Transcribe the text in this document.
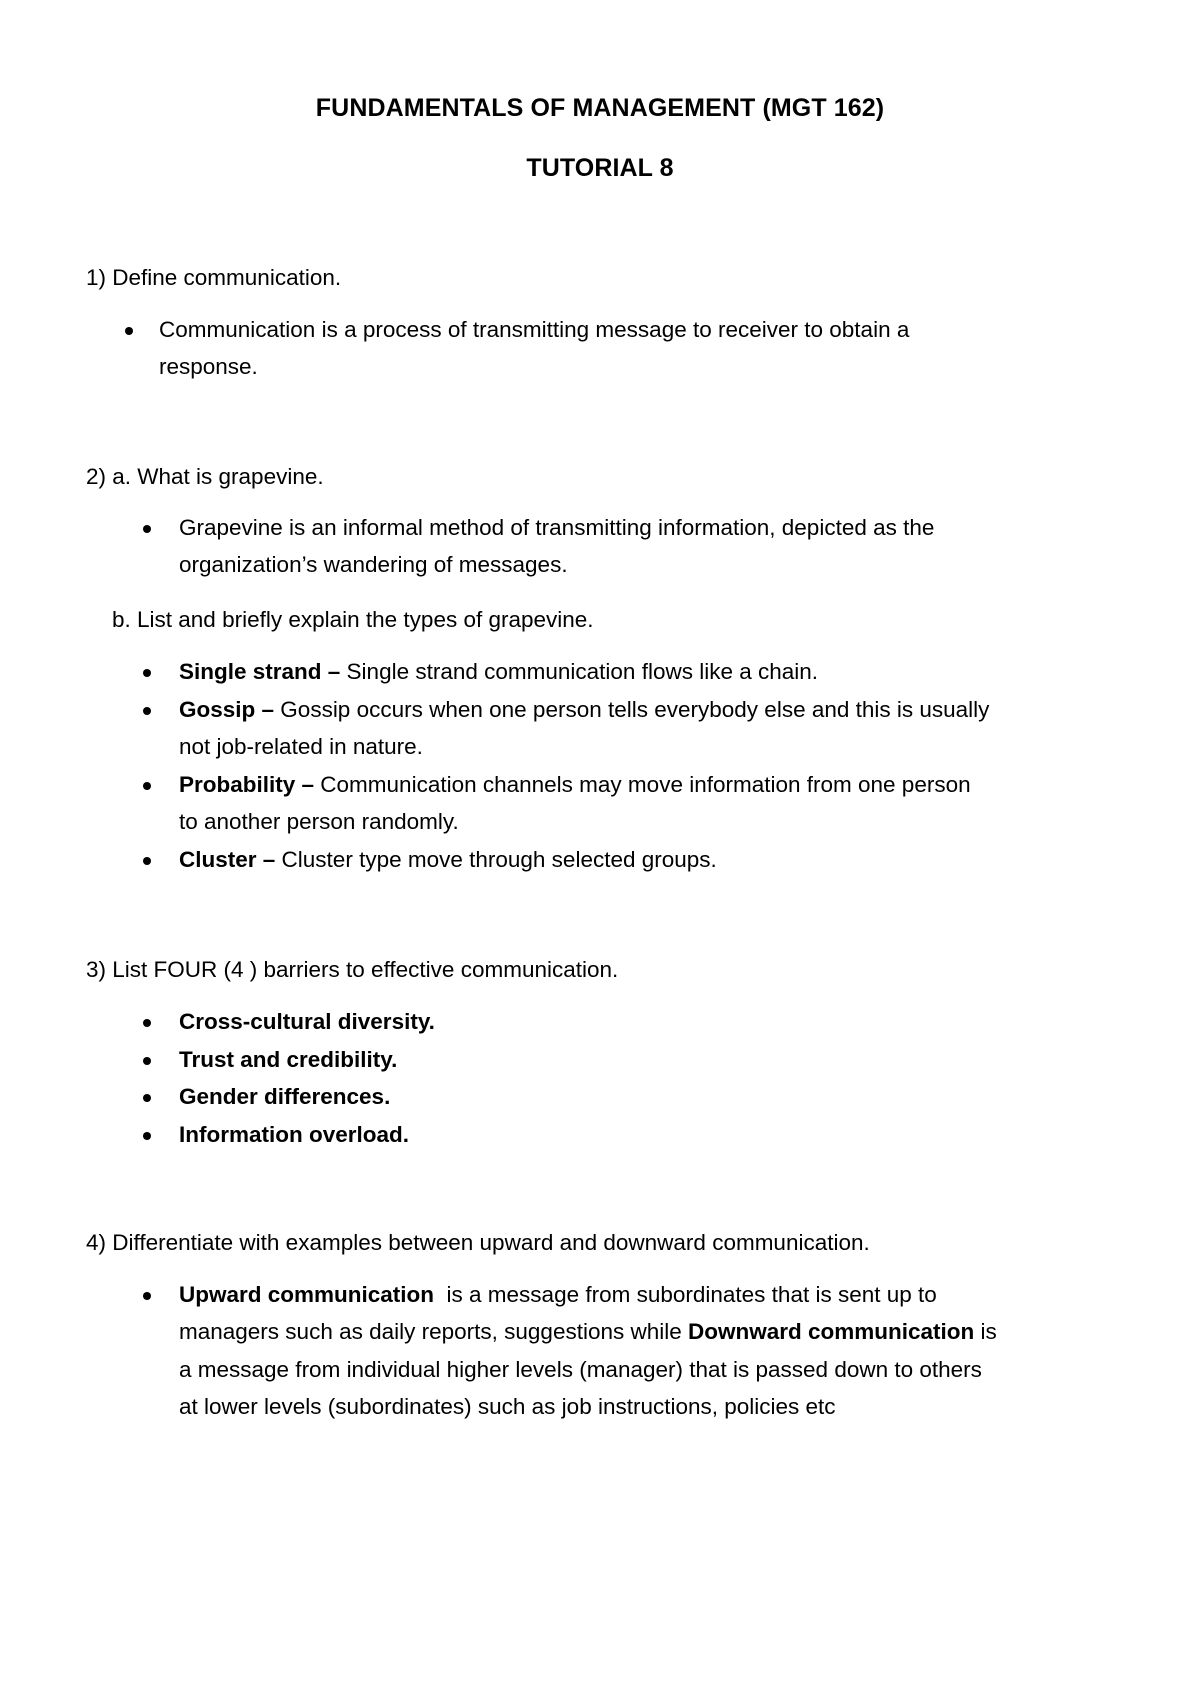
FUNDAMENTALS OF MANAGEMENT (MGT 162)
TUTORIAL 8
1) Define communication.
Communication is a process of transmitting message to receiver to obtain a
response.
2) a. What is grapevine.
Grapevine is an informal method of transmitting information, depicted as the
organization’s wandering of messages.
b. List and briefly explain the types of grapevine.
Single strand – Single strand communication flows like a chain.
Gossip – Gossip occurs when one person tells everybody else and this is usually
not job-related in nature.
Probability – Communication channels may move information from one person
to another person randomly.
Cluster – Cluster type move through selected groups.
3) List FOUR (4 ) barriers to effective communication.
Cross-cultural diversity.
Trust and credibility.
Gender differences.
Information overload.
4) Differentiate with examples between upward and downward communication.
Upward communication  is a message from subordinates that is sent up to
managers such as daily reports, suggestions while Downward communication is
a message from individual higher levels (manager) that is passed down to others
at lower levels (subordinates) such as job instructions, policies etc
